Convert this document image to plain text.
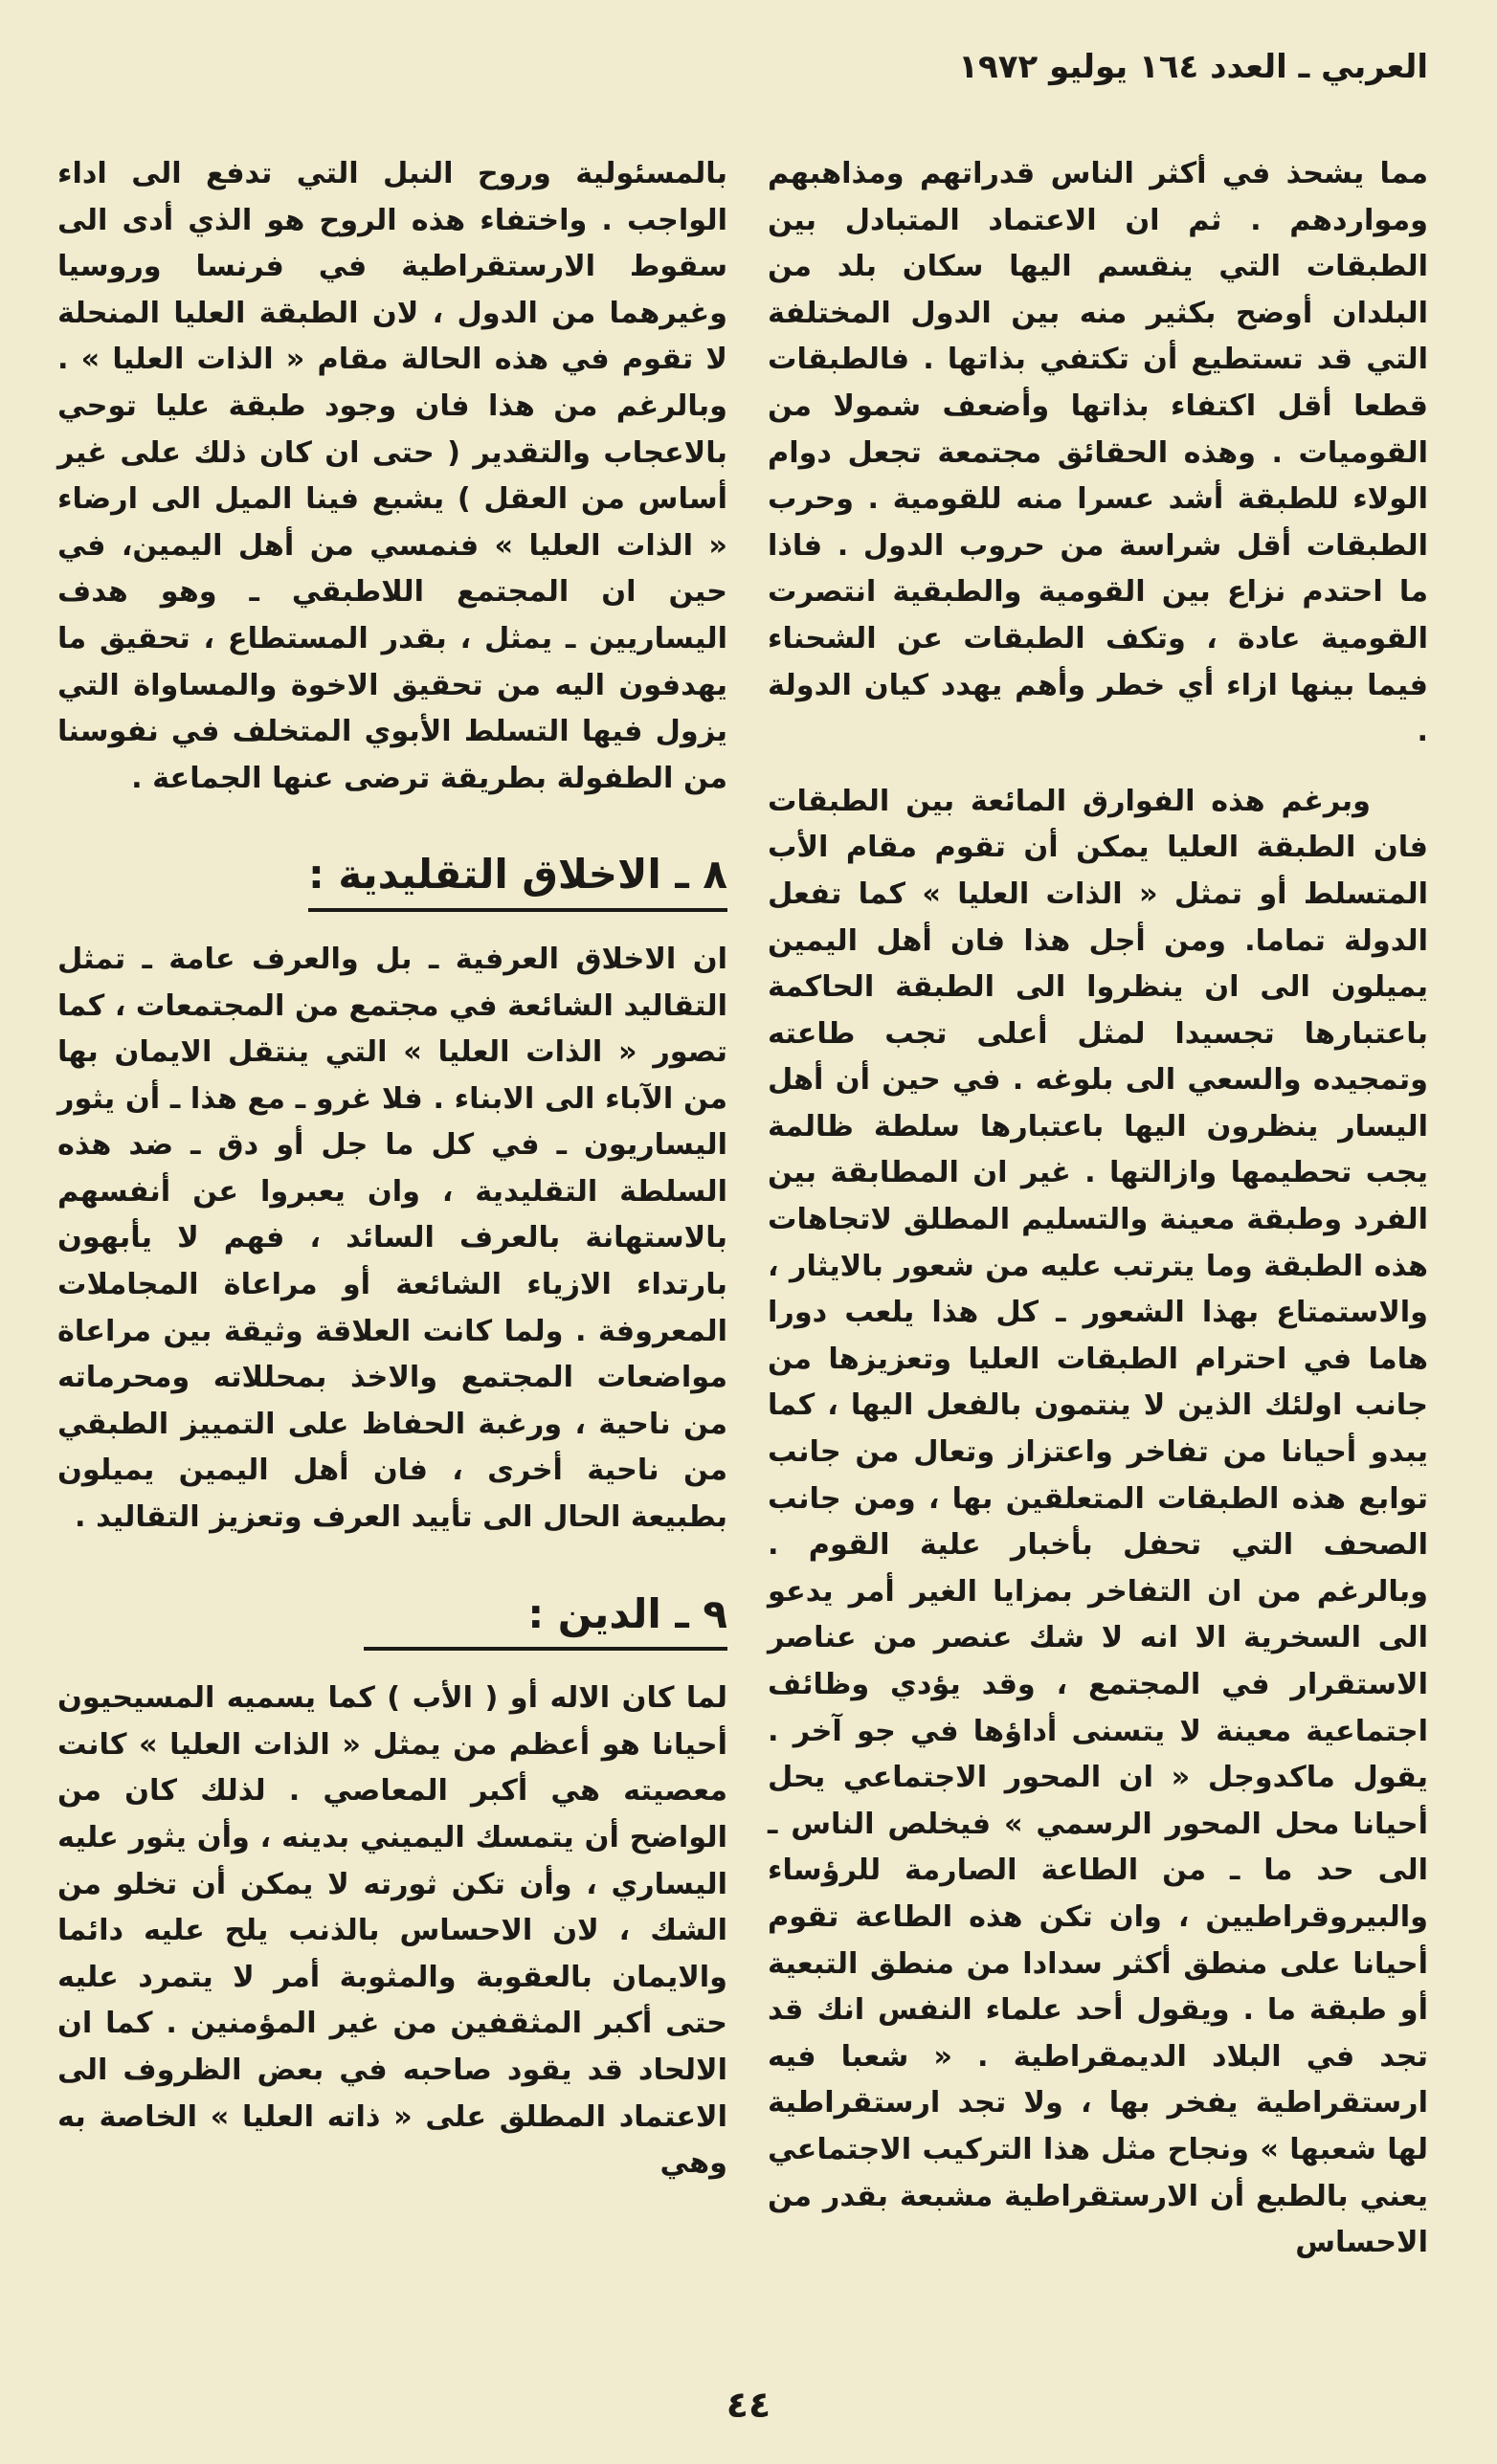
العربي ـ العدد ١٦٤ يوليو ١٩٧٢

مما يشحذ في أكثر الناس قدراتهم ومذاهبهم ومواردهم . ثم ان الاعتماد المتبادل بين الطبقات التي ينقسم اليها سكان بلد من البلدان أوضح بكثير منه بين الدول المختلفة التي قد تستطيع أن تكتفي بذاتها . فالطبقات قطعا أقل اكتفاء بذاتها وأضعف شمولا من القوميات . وهذه الحقائق مجتمعة تجعل دوام الولاء للطبقة أشد عسرا منه للقومية . وحرب الطبقات أقل شراسة من حروب الدول . فاذا ما احتدم نزاع بين القومية والطبقية انتصرت القومية عادة ، وتكف الطبقات عن الشحناء فيما بينها ازاء أي خطر وأهم يهدد كيان الدولة .

وبرغم هذه الفوارق المائعة بين الطبقات فان الطبقة العليا يمكن أن تقوم مقام الأب المتسلط أو تمثل « الذات العليا » كما تفعل الدولة تماما. ومن أجل هذا فان أهل اليمين يميلون الى ان ينظروا الى الطبقة الحاكمة باعتبارها تجسيدا لمثل أعلى تجب طاعته وتمجيده والسعي الى بلوغه . في حين أن أهل اليسار ينظرون اليها باعتبارها سلطة ظالمة يجب تحطيمها وازالتها . غير ان المطابقة بين الفرد وطبقة معينة والتسليم المطلق لاتجاهات هذه الطبقة وما يترتب عليه من شعور بالايثار ، والاستمتاع بهذا الشعور ـ كل هذا يلعب دورا هاما في احترام الطبقات العليا وتعزيزها من جانب اولئك الذين لا ينتمون بالفعل اليها ، كما يبدو أحيانا من تفاخر واعتزاز وتعال من جانب توابع هذه الطبقات المتعلقين بها ، ومن جانب الصحف التي تحفل بأخبار علية القوم . وبالرغم من ان التفاخر بمزايا الغير أمر يدعو الى السخرية الا انه لا شك عنصر من عناصر الاستقرار في المجتمع ، وقد يؤدي وظائف اجتماعية معينة لا يتسنى أداؤها في جو آخر . يقول ماكدوجل « ان المحور الاجتماعي يحل أحيانا محل المحور الرسمي » فيخلص الناس ـ الى حد ما ـ من الطاعة الصارمة للرؤساء والبيروقراطيين ، وان تكن هذه الطاعة تقوم أحيانا على منطق أكثر سدادا من منطق التبعية أو طبقة ما . ويقول أحد علماء النفس انك قد تجد في البلاد الديمقراطية . « شعبا فيه ارستقراطية يفخر بها ، ولا تجد ارستقراطية لها شعبها » ونجاح مثل هذا التركيب الاجتماعي يعني بالطبع أن الارستقراطية مشبعة بقدر من الاحساس

بالمسئولية وروح النبل التي تدفع الى اداء الواجب . واختفاء هذه الروح هو الذي أدى الى سقوط الارستقراطية في فرنسا وروسيا وغيرهما من الدول ، لان الطبقة العليا المنحلة لا تقوم في هذه الحالة مقام « الذات العليا » . وبالرغم من هذا فان وجود طبقة عليا توحي بالاعجاب والتقدير ( حتى ان كان ذلك على غير أساس من العقل ) يشبع فينا الميل الى ارضاء « الذات العليا » فنمسي من أهل اليمين، في حين ان المجتمع اللاطبقي ـ وهو هدف اليساريين ـ يمثل ، بقدر المستطاع ، تحقيق ما يهدفون اليه من تحقيق الاخوة والمساواة التي يزول فيها التسلط الأبوي المتخلف في نفوسنا من الطفولة بطريقة ترضى عنها الجماعة .

٨ ـ الاخلاق التقليدية :

ان الاخلاق العرفية ـ بل والعرف عامة ـ تمثل التقاليد الشائعة في مجتمع من المجتمعات ، كما تصور « الذات العليا » التي ينتقل الايمان بها من الآباء الى الابناء . فلا غرو ـ مع هذا ـ أن يثور اليساريون ـ في كل ما جل أو دق ـ ضد هذه السلطة التقليدية ، وان يعبروا عن أنفسهم بالاستهانة بالعرف السائد ، فهم لا يأبهون بارتداء الازياء الشائعة أو مراعاة المجاملات المعروفة . ولما كانت العلاقة وثيقة بين مراعاة مواضعات المجتمع والاخذ بمحللاته ومحرماته من ناحية ، ورغبة الحفاظ على التمييز الطبقي من ناحية أخرى ، فان أهل اليمين يميلون بطبيعة الحال الى تأييد العرف وتعزيز التقاليد .

٩ ـ الدين :

لما كان الاله أو ( الأب ) كما يسميه المسيحيون أحيانا هو أعظم من يمثل « الذات العليا » كانت معصيته هي أكبر المعاصي . لذلك كان من الواضح أن يتمسك اليميني بدينه ، وأن يثور عليه اليساري ، وأن تكن ثورته لا يمكن أن تخلو من الشك ، لان الاحساس بالذنب يلح عليه دائما والايمان بالعقوبة والمثوبة أمر لا يتمرد عليه حتى أكبر المثقفين من غير المؤمنين . كما ان الالحاد قد يقود صاحبه في بعض الظروف الى الاعتماد المطلق على « ذاته العليا » الخاصة به وهي

٤٤
